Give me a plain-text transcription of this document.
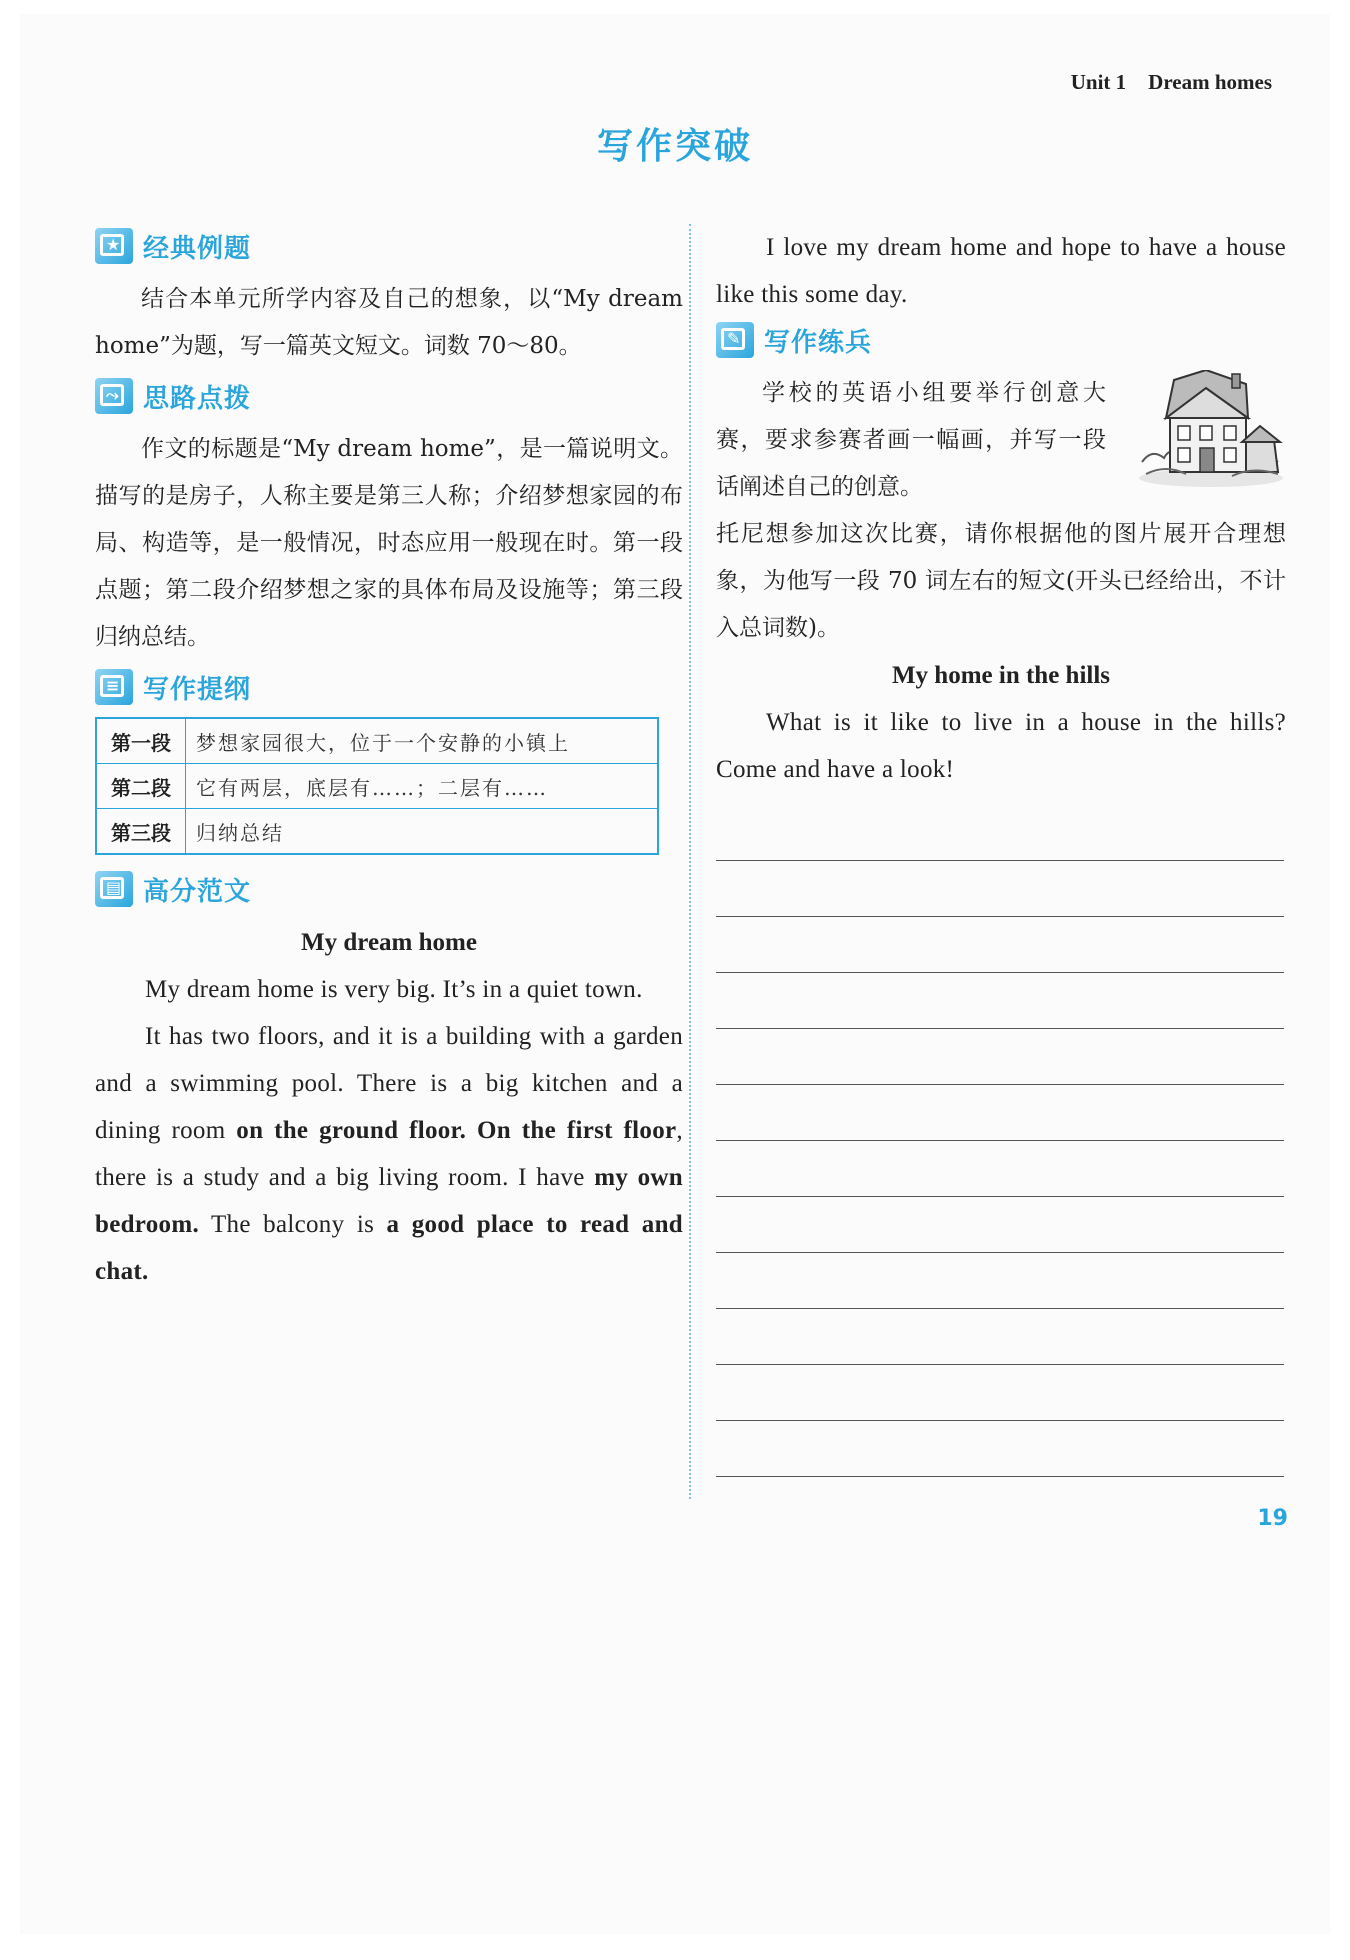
Unit 1 Dream homes
★ 经典例题

结合本单元所学内容及自己的想象，以“My dream home”为题，写一篇英文短文。词数 70～80。

⤳ 思路点拨

作文的标题是“My dream home”，是一篇说明文。描写的是房子，人称主要是第三人称；介绍梦想家园的布局、构造等，是一般情况，时态应用一般现在时。第一段点题；第二段介绍梦想之家的具体布局及设施等；第三段归纳总结。

≡ 写作提纲
第一段	梦想家园很大，位于一个安静的小镇上
第二段	它有两层，底层有……；二层有……
第三段	归纳总结
▤ 高分范文

My dream home

My dream home is very big. It’s in a quiet town.

It has two floors, and it is a building with a garden and a swimming pool. There is a big kitchen and a dining room on the ground floor. On the first floor, there is a study and a big living room. I have my own bedroom. The balcony is a good place to read and chat.

I love my dream home and hope to have a house like this some day.

✎ 写作练兵

学校的英语小组要举行创意大赛，要求参赛者画一幅画，并写一段话阐述自己的创意。

托尼想参加这次比赛，请你根据他的图片展开合理想象，为他写一段 70 词左右的短文(开头已经给出，不计入总词数)。

My home in the hills

What is it like to live in a house in the hills? Come and have a look!

19
写作突破
